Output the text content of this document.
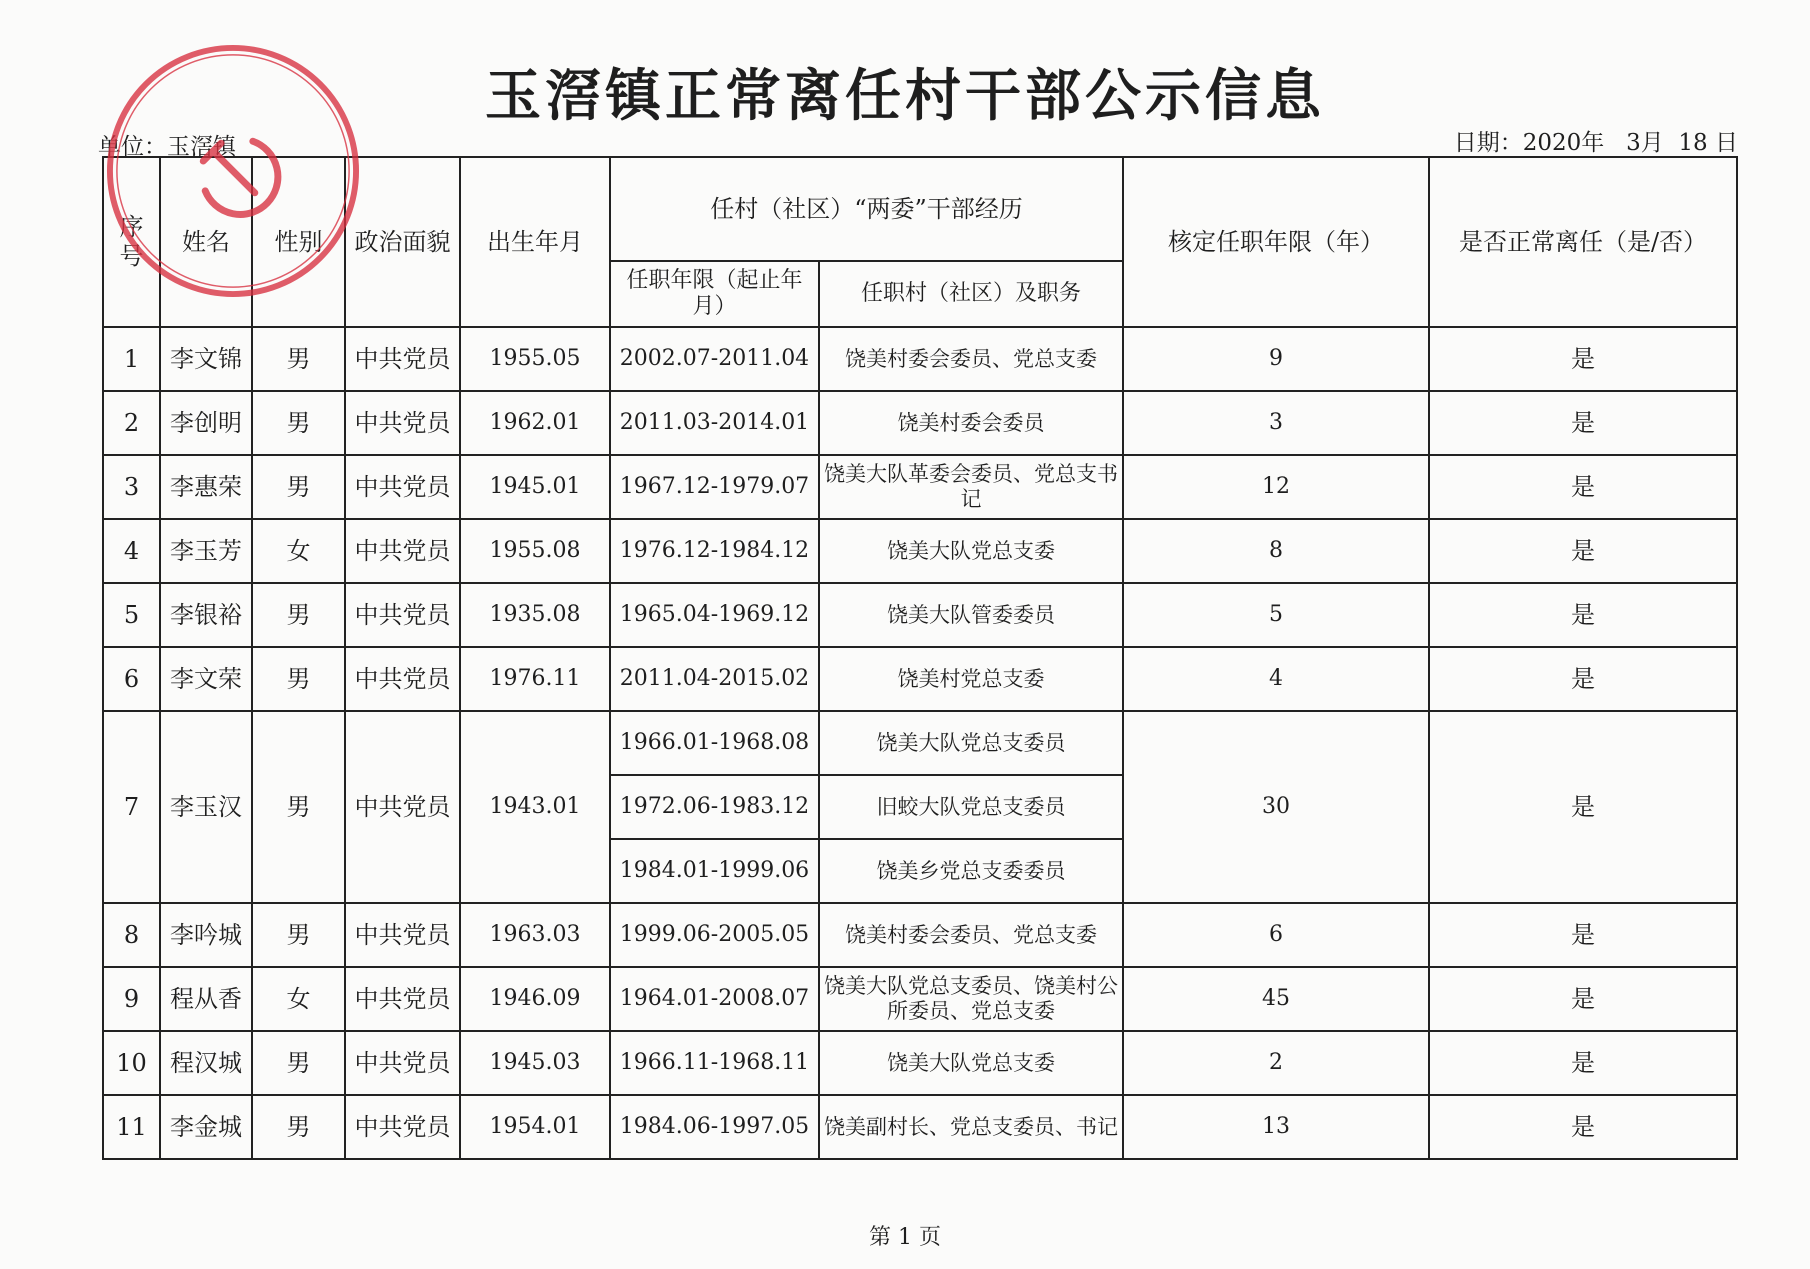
玉滘镇正常离任村干部公示信息
单位：玉滘镇	日期：2020年   3月  18 日
序号	姓名	性别	政治面貌	出生年月	任村（社区）“两委”干部经历		核定任职年限（年）	是否正常离任（是/否）
					任职年限（起止年月）	任职村（社区）及职务		
1	李文锦	男	中共党员	1955.05	2002.07-2011.04	饶美村委会委员、党总支委	9	是
2	李创明	男	中共党员	1962.01	2011.03-2014.01	饶美村委会委员	3	是
3	李惠荣	男	中共党员	1945.01	1967.12-1979.07	饶美大队革委会委员、党总支书记	12	是
4	李玉芳	女	中共党员	1955.08	1976.12-1984.12	饶美大队党总支委	8	是
5	李银裕	男	中共党员	1935.08	1965.04-1969.12	饶美大队管委委员	5	是
6	李文荣	男	中共党员	1976.11	2011.04-2015.02	饶美村党总支委	4	是
7	李玉汉	男	中共党员	1943.01	1966.01-1968.08	饶美大队党总支委员	30	是
					1972.06-1983.12	旧蛟大队党总支委员		
					1984.01-1999.06	饶美乡党总支委委员		
8	李吟城	男	中共党员	1963.03	1999.06-2005.05	饶美村委会委员、党总支委	6	是
9	程从香	女	中共党员	1946.09	1964.01-2008.07	饶美大队党总支委员、饶美村公所委员、党总支委	45	是
10	程汉城	男	中共党员	1945.03	1966.11-1968.11	饶美大队党总支委	2	是
11	李金城	男	中共党员	1954.01	1984.06-1997.05	饶美副村长、党总支委员、书记	13	是
第 1 页
